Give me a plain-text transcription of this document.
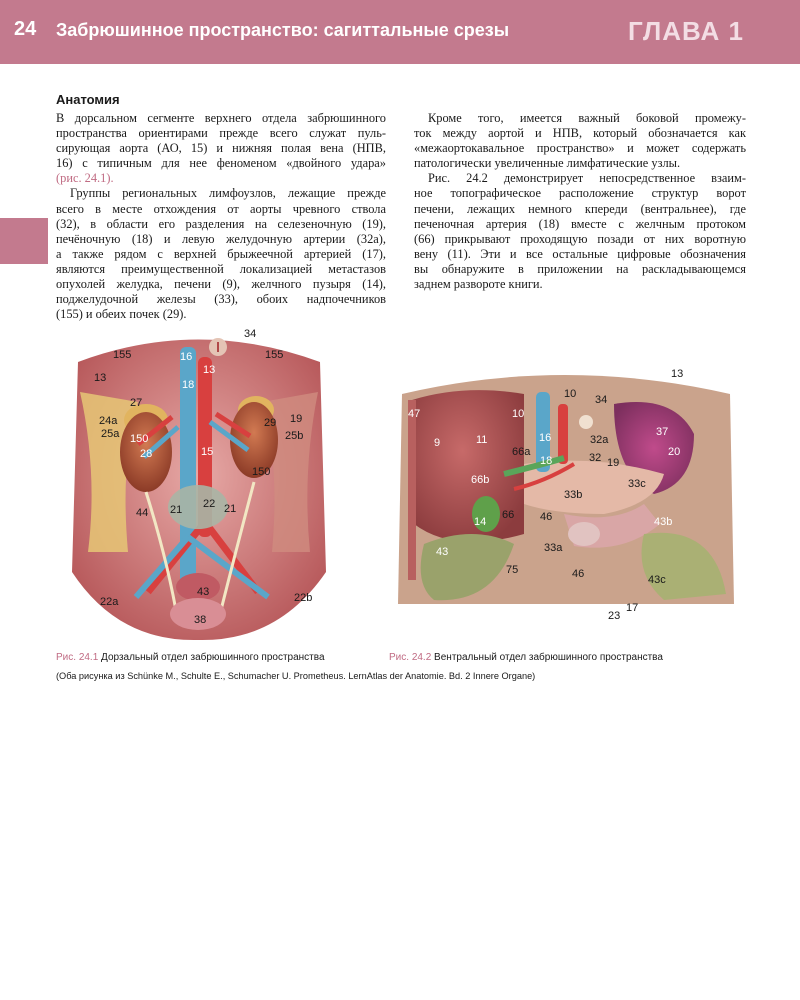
24 Забрюшинное пространство: сагиттальные срезы	ГЛАВА 1
Анатомия
В дорсальном сегменте верхнего отдела забрюшинного
пространства ориентирами прежде всего служат пуль-
сирующая аорта (АО, 15) и нижняя полая вена (НПВ,
16) с типичным для нее феноменом «двойного удара»
(рис. 24.1).
Группы региональных лимфоузлов, лежащие прежде
всего в месте отхождения от аорты чревного ствола
(32), в области его разделения на селезеночную (19),
печёночную (18) и левую желудочную артерии (32а),
а также рядом с верхней брыжеечной артерией (17),
являются преимущественной локализацией метастазов
опухолей желудка, печени (9), желчного пузыря (14),
поджелудочной железы (33), обоих надпочечников
(155) и обеих почек (29).
Кроме того, имеется важный боковой промежу-
ток между аортой и НПВ, который обозначается как
«межаортокавальное пространство» и может содержать
патологически увеличенные лимфатические узлы.
Рис. 24.2 демонстрирует непосредственное взаим-
ное топографическое расположение структур ворот
печени, лежащих немного кпереди (вентральнее), где
печеночная артерия (18) вместе с желчным протоком
(66) прикрывают проходящую позади от них воротную
вену (11). Эти и все остальные цифровые обозначения
вы обнаружите в приложении на раскладывающемся
заднем развороте книги.
34
155	16	155
13
18
13
27
19
24a	29
25a 150	25b
28	15
150
22
44 21	21
43
22a	22b
38
13
10
47	10
34
37
9	11	16	32a
20
66a	32 19
18
33c
66b
33b
14
66 46	43b
43	33a
75	46	43c
23
17
Рис. 24.1 Дорзальный отдел забрюшинного пространства	Рис. 24.2 Вентральный отдел забрюшинного пространства
(Оба рисунка из Schünke M., Schulte E., Schumacher U. Prometheus. LernAtlas der Anatomie. Bd. 2 Innere Organe)
